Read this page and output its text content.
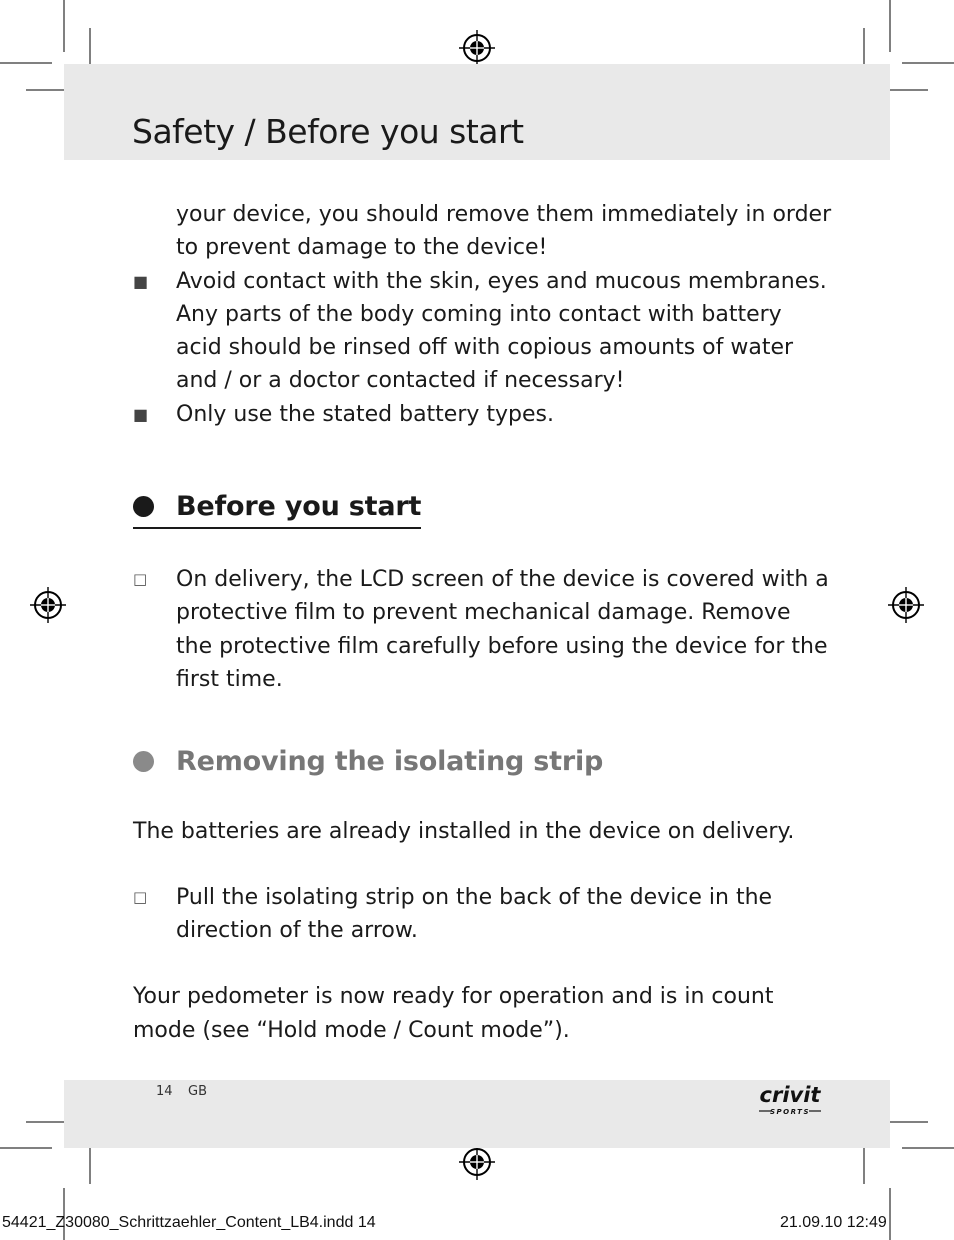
Safety / Before you start

your device, you should remove them immediately in order to prevent damage to the device!

■	Avoid contact with the skin, eyes and mucous membranes. Any parts of the body coming into contact with battery acid should be rinsed off with copious amounts of water and / or a doctor contacted if necessary!
■	Only use the stated battery types.
Before you start
□	On delivery, the LCD screen of the device is covered with a protective film to prevent mechanical damage. Remove the protective film carefully before using the device for the first time.
Removing the isolating strip

The batteries are already installed in the device on delivery.

□	Pull the isolating strip on the back of the device in the direction of the arrow.

Your pedometer is now ready for operation and is in count mode (see “Hold mode / Count mode”).

14 GB	crivit
SPORTS
54421_Z30080_Schrittzaehler_Content_LB4.indd 14	21.09.10 12:49
